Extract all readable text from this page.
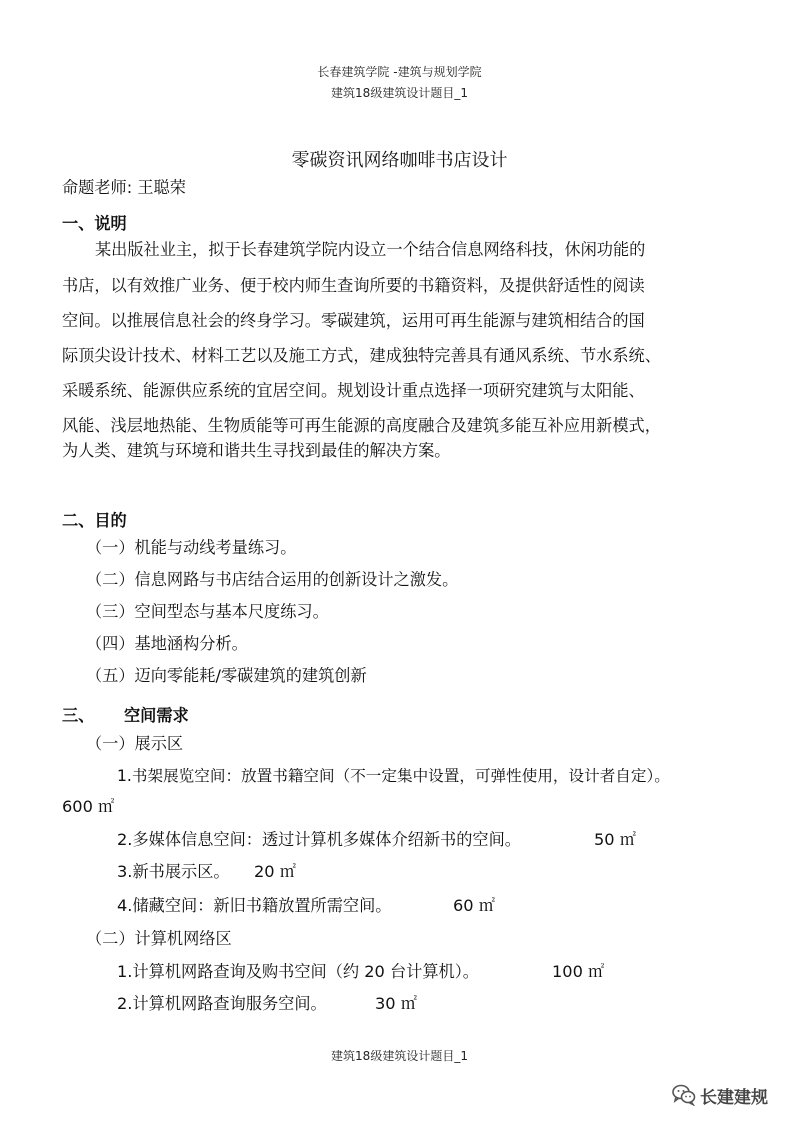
长春建筑学院 -建筑与规划学院
建筑18级建筑设计题目_1
零碳资讯网络咖啡书店设计
命题老师: 王聪荣
一、说明
某出版社业主，拟于长春建筑学院内设立一个结合信息网络科技，休闲功能的
书店，以有效推广业务、便于校内师生查询所要的书籍资料，及提供舒适性的阅读
空间。以推展信息社会的终身学习。零碳建筑，运用可再生能源与建筑相结合的国
际顶尖设计技术、材料工艺以及施工方式，建成独特完善具有通风系统、节水系统、
采暖系统、能源供应系统的宜居空间。规划设计重点选择一项研究建筑与太阳能、
风能、浅层地热能、生物质能等可再生能源的高度融合及建筑多能互补应用新模式，
为人类、建筑与环境和谐共生寻找到最佳的解决方案。
二、目的
（一）机能与动线考量练习。
（二）信息网路与书店结合运用的创新设计之激发。
（三）空间型态与基本尺度练习。
（四）基地涵构分析。
（五）迈向零能耗/零碳建筑的建筑创新
三、 空间需求
（一）展示区
1.书架展览空间：放置书籍空间（不一定集中设置，可弹性使用，设计者自定）。
600 ㎡
2.多媒体信息空间：透过计算机多媒体介绍新书的空间。	50 ㎡
3.新书展示区。 20 ㎡
4.储藏空间：新旧书籍放置所需空间。	60 ㎡
（二）计算机网络区
1.计算机网路查询及购书空间（约 20 台计算机）。	100 ㎡
2.计算机网路查询服务空间。	30 ㎡
建筑18级建筑设计题目_1
长建建规
